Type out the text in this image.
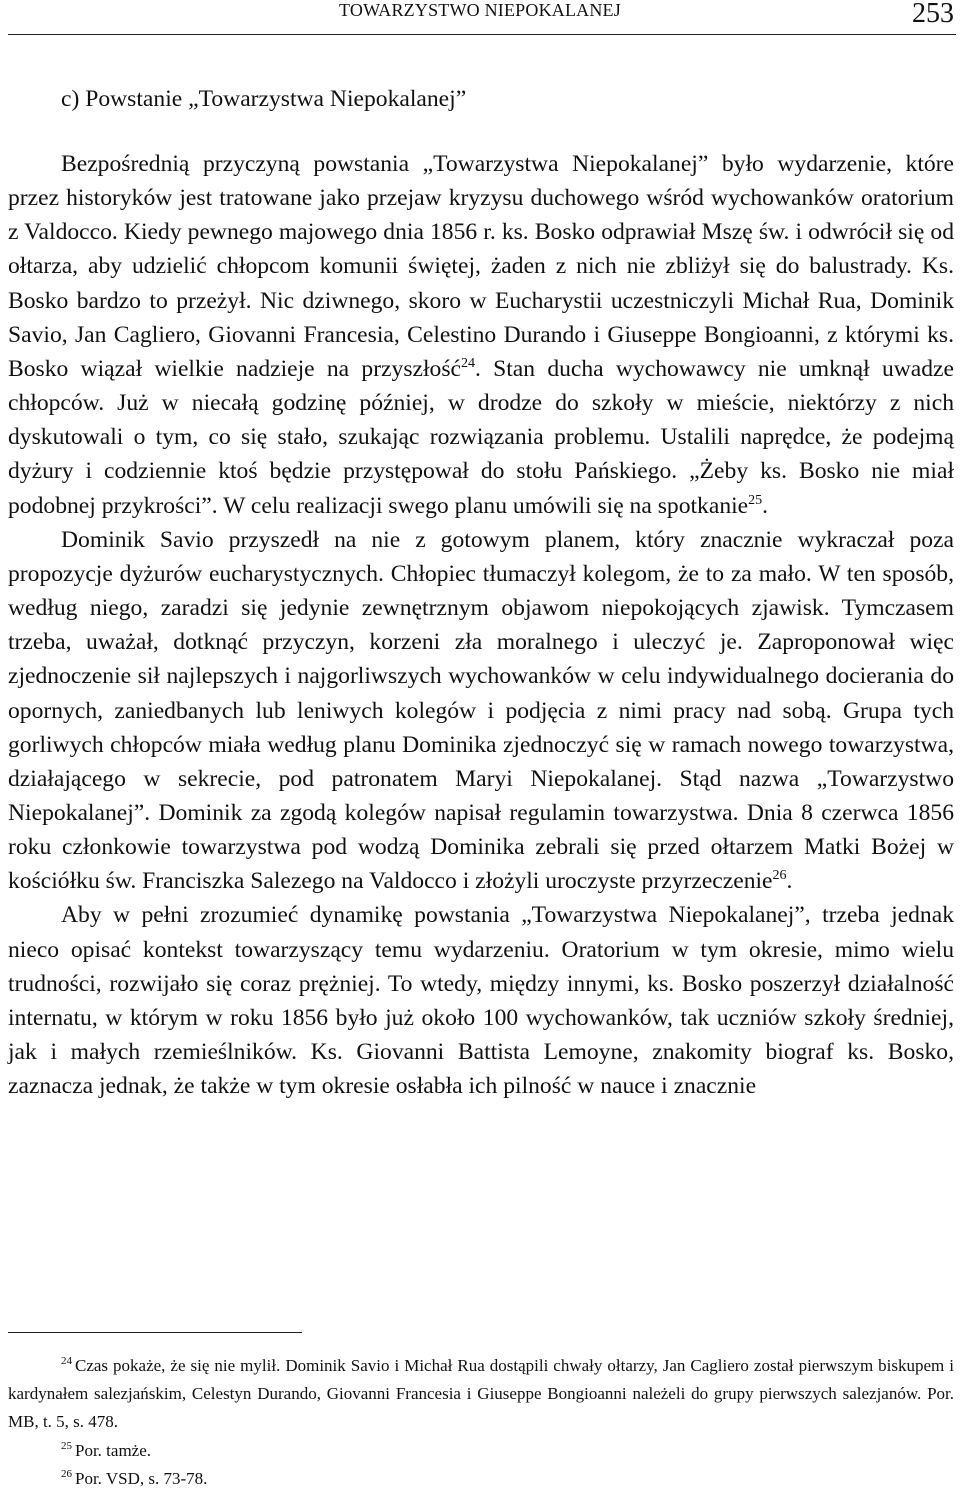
TOWARZYSTWO NIEPOKALANEJ	253
c) Powstanie „Towarzystwa Niepokalanej”

Bezpośrednią przyczyną powstania „Towarzystwa Niepokalanej” było wydarzenie, które przez historyków jest tratowane jako przejaw kryzysu duchowego wśród wychowanków oratorium z Valdocco. Kiedy pewnego majowego dnia 1856 r. ks. Bosko odprawiał Mszę św. i odwrócił się od ołtarza, aby udzielić chłopcom komunii świętej, żaden z nich nie zbliżył się do balustrady. Ks. Bosko bardzo to przeżył. Nic dziwnego, skoro w Eucharystii uczestniczyli Michał Rua, Dominik Savio, Jan Cagliero, Giovanni Francesia, Celestino Durando i Giuseppe Bongioanni, z którymi ks. Bosko wiązał wielkie nadzieje na przyszłość$^{24}$. Stan ducha wychowawcy nie umknął uwadze chłopców. Już w niecałą godzinę później, w drodze do szkoły w mieście, niektórzy z nich dyskutowali o tym, co się stało, szukając rozwiązania problemu. Ustalili naprędce, że podejmą dyżury i codziennie ktoś będzie przystępował do stołu Pańskiego. „Żeby ks. Bosko nie miał podobnej przykrości”. W celu realizacji swego planu umówili się na spotkanie$^{25}$.

Dominik Savio przyszedł na nie z gotowym planem, który znacznie wykraczał poza propozycje dyżurów eucharystycznych. Chłopiec tłumaczył kolegom, że to za mało. W ten sposób, według niego, zaradzi się jedynie zewnętrznym objawom niepokojących zjawisk. Tymczasem trzeba, uważał, dotknąć przyczyn, korzeni zła moralnego i uleczyć je. Zaproponował więc zjednoczenie sił najlepszych i najgorliwszych wychowanków w celu indywidualnego docierania do opornych, zaniedbanych lub leniwych kolegów i podjęcia z nimi pracy nad sobą. Grupa tych gorliwych chłopców miała według planu Dominika zjednoczyć się w ramach nowego towarzystwa, działającego w sekrecie, pod patronatem Maryi Niepokalanej. Stąd nazwa „Towarzystwo Niepokalanej”. Dominik za zgodą kolegów napisał regulamin towarzystwa. Dnia 8 czerwca 1856 roku członkowie towarzystwa pod wodzą Dominika zebrali się przed ołtarzem Matki Bożej w kościółku św. Franciszka Salezego na Valdocco i złożyli uroczyste przyrzeczenie$^{26}$.

Aby w pełni zrozumieć dynamikę powstania „Towarzystwa Niepokalanej”, trzeba jednak nieco opisać kontekst towarzyszący temu wydarzeniu. Oratorium w tym okresie, mimo wielu trudności, rozwijało się coraz prężniej. To wtedy, między innymi, ks. Bosko poszerzył działalność internatu, w którym w roku 1856 było już około 100 wychowanków, tak uczniów szkoły średniej, jak i małych rzemieślników. Ks. Giovanni Battista Lemoyne, znakomity biograf ks. Bosko, zaznacza jednak, że także w tym okresie osłabła ich pilność w nauce i znacznie

$^{24}$ Czas pokaże, że się nie mylił. Dominik Savio i Michał Rua dostąpili chwały ołtarzy, Jan Cagliero został pierwszym biskupem i kardynałem salezjańskim, Celestyn Durando, Giovanni Francesia i Giuseppe Bongioanni należeli do grupy pierwszych salezjanów. Por. MB, t. 5, s. 478.

$^{25}$ Por. tamże.

$^{26}$ Por. VSD, s. 73-78.
